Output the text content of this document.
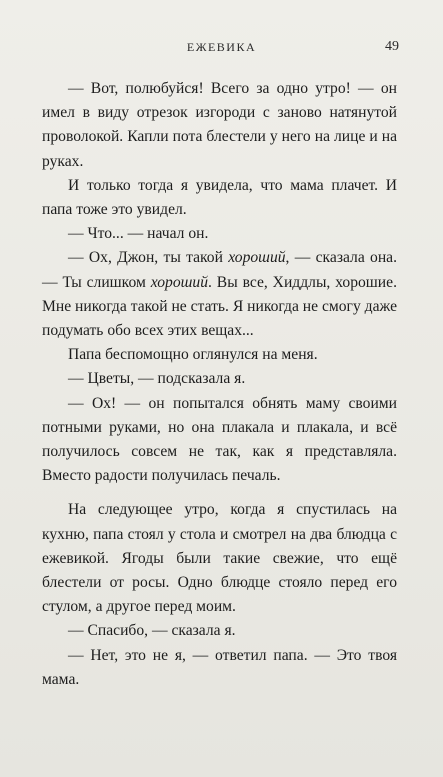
ЕЖЕВИКА	49

— Вот, полюбуйся! Всего за одно утро! — он имел в виду отрезок изгороди с заново натянутой проволокой. Капли пота блестели у него на лице и на руках.

И только тогда я увидела, что мама плачет. И папа тоже это увидел.

— Что... — начал он.

— Ох, Джон, ты такой хороший, — сказала она. — Ты слишком хороший. Вы все, Хиддлы, хорошие. Мне никогда такой не стать. Я никогда не смогу даже подумать обо всех этих вещах...

Папа беспомощно оглянулся на меня.

— Цветы, — подсказала я.

— Ох! — он попытался обнять маму своими потными руками, но она плакала и плакала, и всё получилось совсем не так, как я представляла. Вместо радости получилась печаль.

На следующее утро, когда я спустилась на кухню, папа стоял у стола и смотрел на два блюдца с ежевикой. Ягоды были такие свежие, что ещё блестели от росы. Одно блюдце стояло перед его стулом, а другое перед моим.

— Спасибо, — сказала я.

— Нет, это не я, — ответил папа. — Это твоя мама.
